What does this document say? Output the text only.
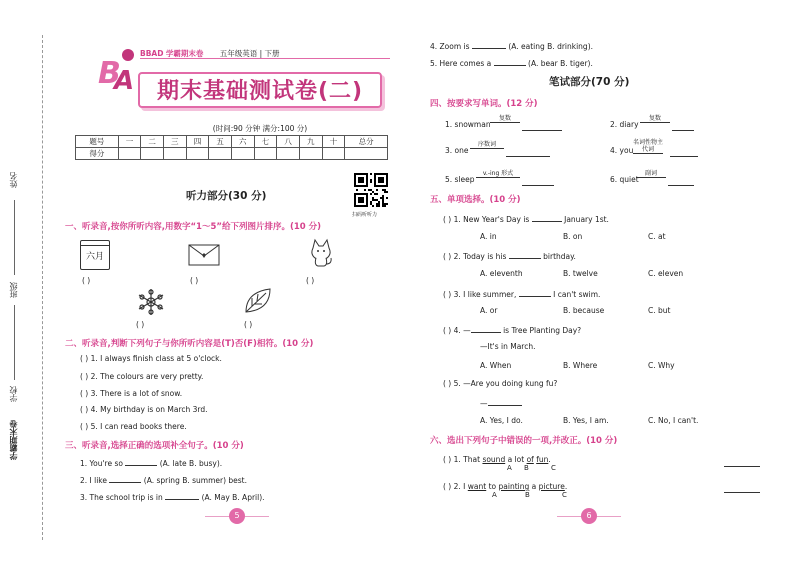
姓名
班级
学校
学霸期末卷
B
A
BBAD 学霸期末卷 五年级英语 | 下册
期末基础测试卷(二)
(时间:90 分钟 满分:100 分)
题号	一	二	三	四	五	六	七	八	九	十	总分
得分											
扫码听听力
听力部分(30 分)
一、听录音,按你所听内容,用数字“1～5”给下列图片排序。(10 分)
六月
( )	( )	( )
( )	( )
二、听录音,判断下列句子与你所听内容是(T)否(F)相符。(10 分)
( ) 1. I always finish class at 5 o'clock.
( ) 2. The colours are very pretty.
( ) 3. There is a lot of snow.
( ) 4. My birthday is on March 3rd.
( ) 5. I can read books there.
三、听录音,选择正确的选项补全句子。(10 分)
1. You're so	(A. late B. busy).
2. I like	(A. spring B. summer) best.
3. The school trip is in	(A. May B. April).
5
4. Zoom is	(A. eating B. drinking).
5. Here comes a	(A. bear B. tiger).
笔试部分(70 分)
四、按要求写单词。(12 分)
1. snowman
复数
2. diary
复数
3. one
序数词
4. you
名词性物主代词
5. sleep
v.-ing 形式
6. quiet
副词
五、单项选择。(10 分)
( ) 1. New Year's Day is	January 1st.
A. in	B. on	C. at
( ) 2. Today is his	birthday.
A. eleventh	B. twelve	C. eleven
( ) 3. I like summer,	I can't swim.
A. or	B. because	C. but
( ) 4. —	is Tree Planting Day?
—It's in March.
A. When	B. Where	C. Why
( ) 5. —Are you doing kung fu?
—
A. Yes, I do.	B. Yes, I am.	C. No, I can't.
六、选出下列句子中错误的一项,并改正。(10 分)
( ) 1. That sound a lot of fun.
A B	C
( ) 2. I want to painting a picture.
A	B	C
6
